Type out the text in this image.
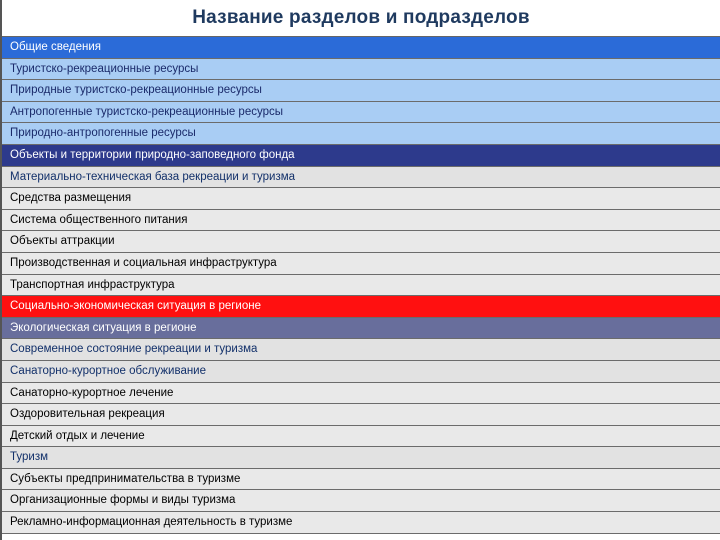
Название разделов и подразделов
Общие сведения
Туристско-рекреационные ресурсы
Природные туристско-рекреационные ресурсы
Антропогенные туристско-рекреационные ресурсы
Природно-антропогенные ресурсы
Объекты и территории природно-заповедного фонда
Материально-техническая база рекреации и туризма
Средства размещения
Система общественного питания
Объекты аттракции
Производственная и социальная инфраструктура
Транспортная инфраструктура
Социально-экономическая ситуация в регионе
Экологическая ситуация в регионе
Современное состояние рекреации и туризма
Санаторно-курортное обслуживание
Санаторно-курортное лечение
Оздоровительная рекреация
Детский отдых и лечение
Туризм
Субъекты предпринимательства в туризме
Организационные формы и виды туризма
Рекламно-информационная деятельность в туризме
